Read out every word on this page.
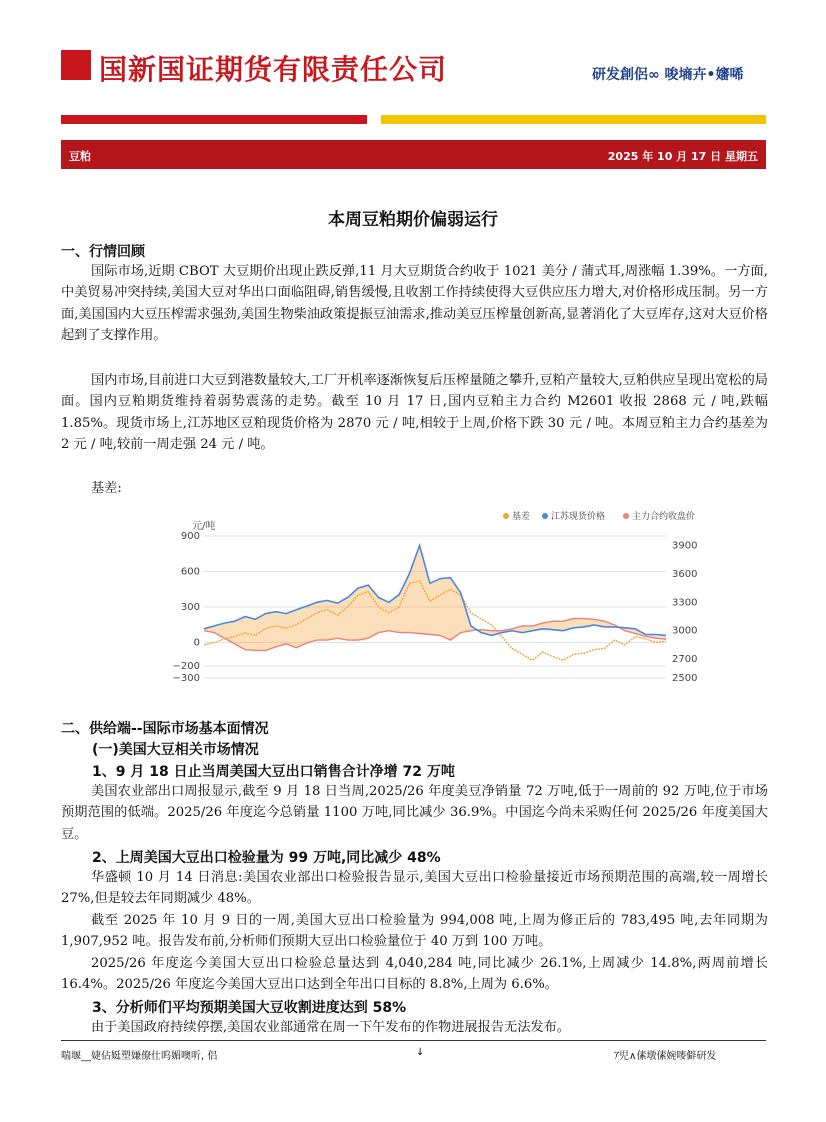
国新国证期货有限责任公司	研发創侶∞ 唆墒卉•嬸唏
豆粕	2025 年 10 月 17 日 星期五
本周豆粕期价偏弱运行
一、行情回顾
国际市场,近期 CBOT 大豆期价出现止跌反弹,11 月大豆期货合约收于 1021 美分 / 蒲式耳,周涨幅 1.39%。一方面,中美贸易冲突持续,美国大豆对华出口面临阻碍,销售缓慢,且收割工作持续使得大豆供应压力增大,对价格形成压制。另一方面,美国国内大豆压榨需求强劲,美国生物柴油政策提振豆油需求,推动美豆压榨量创新高,显著消化了大豆库存,这对大豆价格起到了支撑作用。
国内市场,目前进口大豆到港数量较大,工厂开机率逐渐恢复后压榨量随之攀升,豆粕产量较大,豆粕供应呈现出宽松的局面。国内豆粕期货维持着弱势震荡的走势。截至 10 月 17 日,国内豆粕主力合约 M2601 收报 2868 元 / 吨,跌幅 1.85%。现货市场上,江苏地区豆粕现货价格为 2870 元 / 吨,相较于上周,价格下跌 30 元 / 吨。本周豆粕主力合约基差为 2 元 / 吨,较前一周走强 24 元 / 吨。
基差:
基差 江苏现货价格	主力合约收盘价
元/吨
900
600
300
0
−200
−300
3900
3600
3300
3000
2700
2500
二、供给端--国际市场基本面情况
(一)美国大豆相关市场情况
1、9 月 18 日止当周美国大豆出口销售合计净增 72 万吨
美国农业部出口周报显示,截至 9 月 18 日当周,2025/26 年度美豆净销量 72 万吨,低于一周前的 92 万吨,位于市场预期范围的低端。2025/26 年度迄今总销量 1100 万吨,同比减少 36.9%。中国迄今尚未采购任何 2025/26 年度美国大豆。
2、上周美国大豆出口检验量为 99 万吨,同比减少 48%
华盛顿 10 月 14 日消息:美国农业部出口检验报告显示,美国大豆出口检验量接近市场预期范围的高端,较一周增长 27%,但是较去年同期减少 48%。
截至 2025 年 10 月 9 日的一周,美国大豆出口检验量为 994,008 吨,上周为修正后的 783,495 吨,去年同期为 1,907,952 吨。报告发布前,分析师们预期大豆出口检验量位于 40 万到 100 万吨。
2025/26 年度迄今美国大豆出口检验总量达到 4,040,284 吨,同比减少 26.1%,上周减少 14.8%,两周前增长 16.4%。2025/26 年度迄今美国大豆出口达到全年出口目标的 8.8%,上周为 6.6%。
3、分析师们平均预期美国大豆收割进度达到 58%
由于美国政府持续停摆,美国农业部通常在周一下午发布的作物进展报告无法发布。
喘堰__婕佔娗塑嫌僚仕呜媚噢听, 侣	↓	ｱ児∧傃墩傃婉嘜僻研发
